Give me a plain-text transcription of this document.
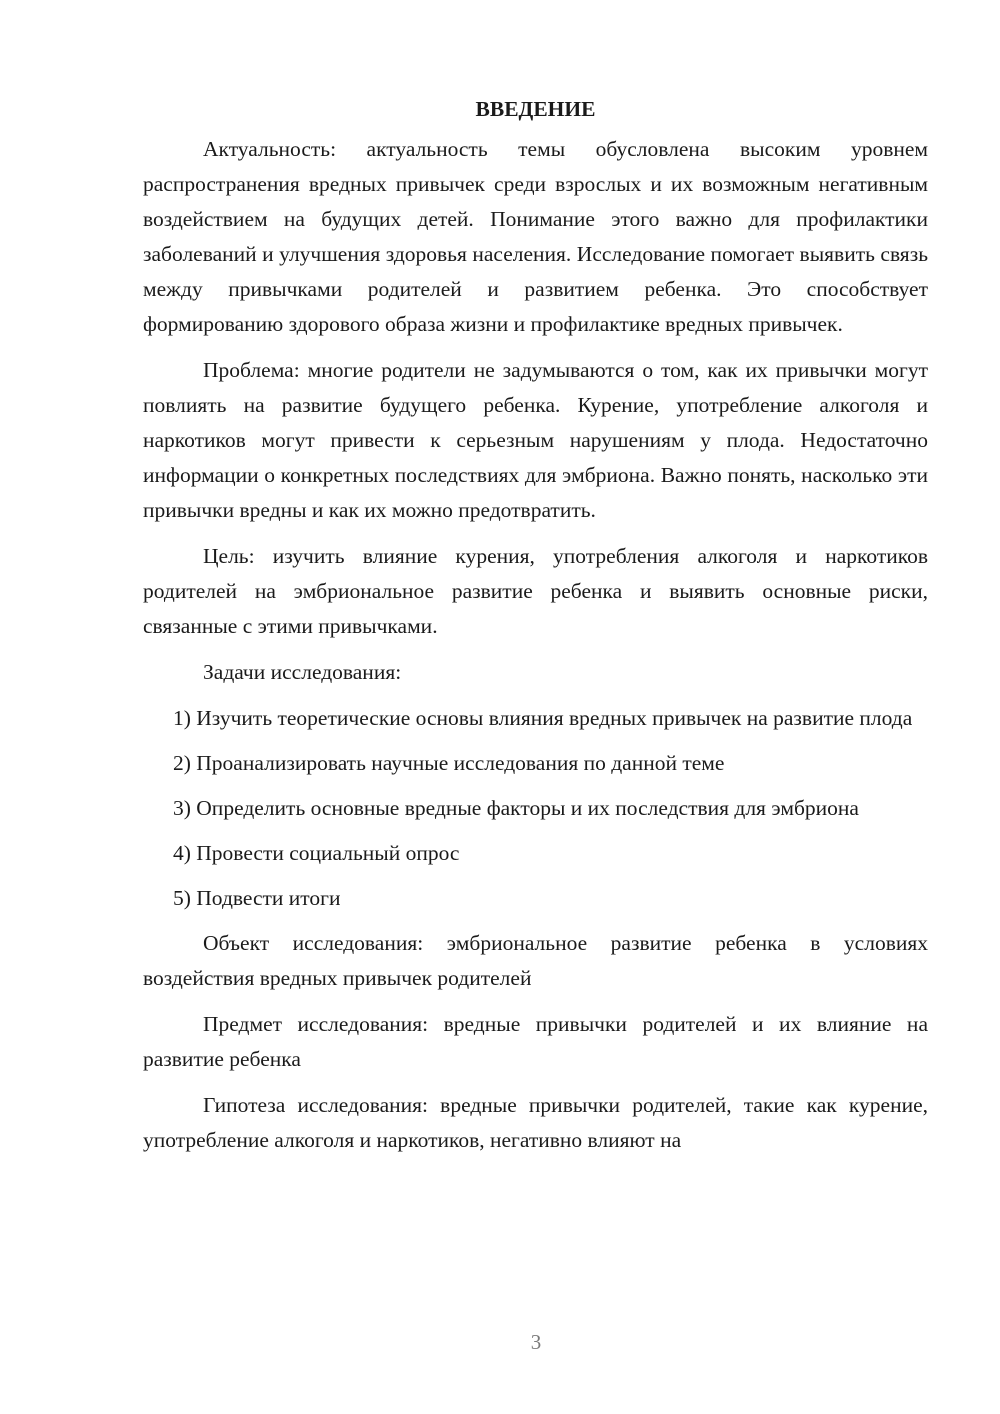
ВВЕДЕНИЕ

Актуальность: актуальность темы обусловлена высоким уровнем распространения вредных привычек среди взрослых и их возможным негативным воздействием на будущих детей. Понимание этого важно для профилактики заболеваний и улучшения здоровья населения. Исследование помогает выявить связь между привычками родителей и развитием ребенка. Это способствует формированию здорового образа жизни и профилактике вредных привычек.

Проблема: многие родители не задумываются о том, как их привычки могут повлиять на развитие будущего ребенка. Курение, употребление алкоголя и наркотиков могут привести к серьезным нарушениям у плода. Недостаточно информации о конкретных последствиях для эмбриона. Важно понять, насколько эти привычки вредны и как их можно предотвратить.

Цель: изучить влияние курения, употребления алкоголя и наркотиков родителей на эмбриональное развитие ребенка и выявить основные риски, связанные с этими привычками.

Задачи исследования:

1) Изучить теоретические основы влияния вредных привычек на развитие плода

2) Проанализировать научные исследования по данной теме

3) Определить основные вредные факторы и их последствия для эмбриона

4) Провести социальный опрос

5) Подвести итоги

Объект исследования: эмбриональное развитие ребенка в условиях воздействия вредных привычек родителей

Предмет исследования: вредные привычки родителей и их влияние на развитие ребенка

Гипотеза исследования: вредные привычки родителей, такие как курение, употребление алкоголя и наркотиков, негативно влияют на

3
